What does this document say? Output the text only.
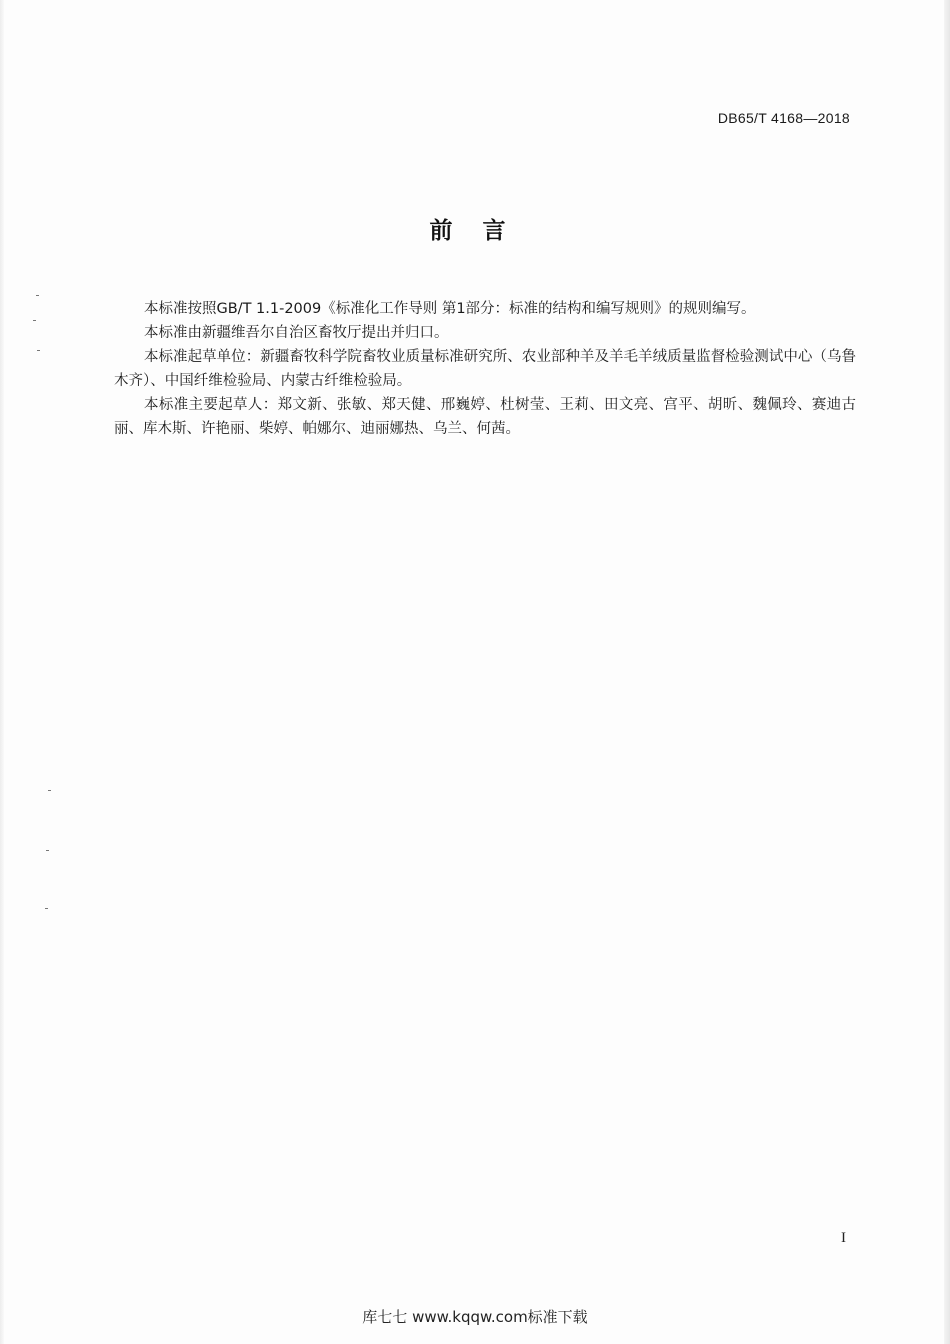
DB65/T 4168—2018
前言

本标准按照GB/T 1.1-2009《标准化工作导则 第1部分：标准的结构和编写规则》的规则编写。

本标准由新疆维吾尔自治区畜牧厅提出并归口。

本标准起草单位：新疆畜牧科学院畜牧业质量标准研究所、农业部种羊及羊毛羊绒质量监督检验测试中心（乌鲁木齐）、中国纤维检验局、内蒙古纤维检验局。

本标准主要起草人：郑文新、张敏、郑天健、邢巍婷、杜树莹、王莉、田文亮、宫平、胡昕、魏佩玲、赛迪古丽、库木斯、许艳丽、柴婷、帕娜尔、迪丽娜热、乌兰、何茜。

I
库七七 www.kqqw.com标准下载
